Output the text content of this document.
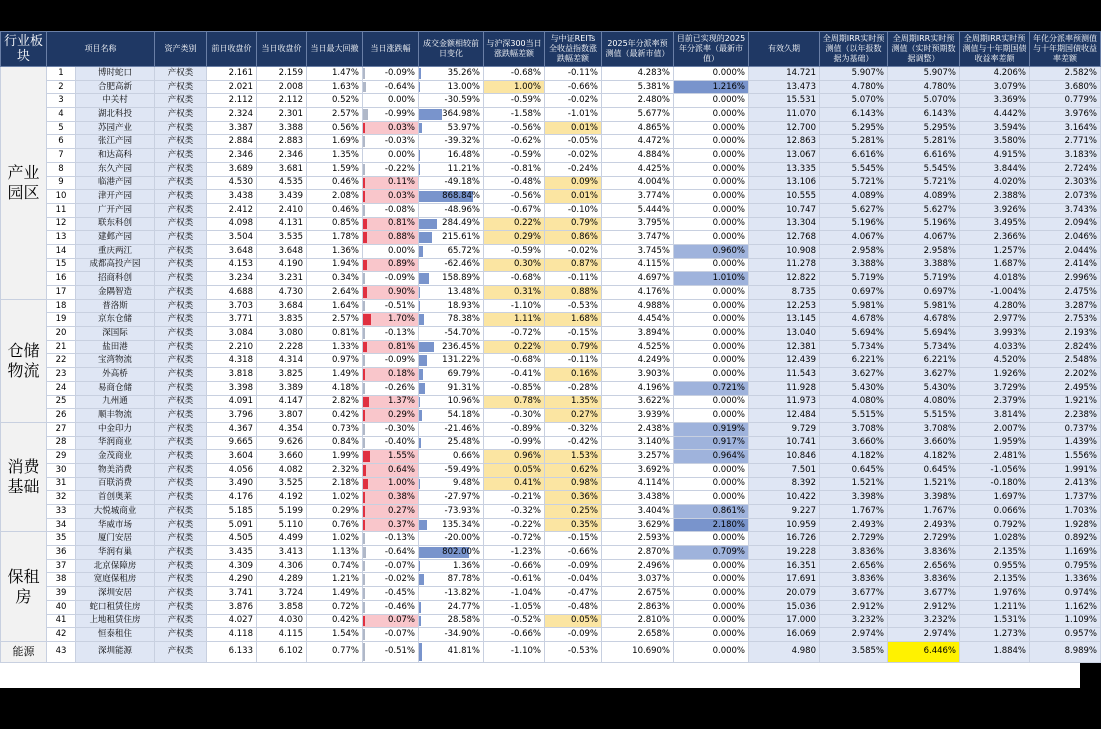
行业板块	项目名称		资产类别	前日收盘价	当日收盘价	当日最大回撤	当日涨跌幅	成交金额相较前日变化	与沪深300当日涨跌幅差额	与中证REITs全收益指数涨跌幅差额	2025年分派率预测值（最新市值）	目前已实现的2025年分派率（最新市值）	有效久期	全周期IRR实时预测值（以年报数据为基础）	全周期IRR实时预测值（实时预期数据调整）	全周期IRR实时预测值与十年期国债收益率差额	年化分派率预测值与十年期国债收益率差额
产业园区	1	博时蛇口	产权类	2.161	2.159	1.47%	-0.09%	35.26%	-0.68%	-0.11%	4.283%	0.000%	14.721	5.907%	5.907%	4.206%	2.582%
	2	合肥高新	产权类	2.021	2.008	1.63%	-0.64%	13.00%	1.00%	-0.66%	5.381%	1.216%	13.473	4.780%	4.780%	3.079%	3.680%
	3	中关村	产权类	2.112	2.112	0.52%	0.00%	-30.59%	-0.59%	-0.02%	2.480%	0.000%	15.531	5.070%	5.070%	3.369%	0.779%
	4	湖北科投	产权类	2.324	2.301	2.57%	-0.99%	364.98%	-1.58%	-1.01%	5.677%	0.000%	11.070	6.143%	6.143%	4.442%	3.976%
	5	苏园产业	产权类	3.387	3.388	0.56%	0.03%	53.97%	-0.56%	0.01%	4.865%	0.000%	12.700	5.295%	5.295%	3.594%	3.164%
	6	张江产园	产权类	2.884	2.883	1.69%	-0.03%	-39.32%	-0.62%	-0.05%	4.472%	0.000%	12.863	5.281%	5.281%	3.580%	2.771%
	7	和达高科	产权类	2.346	2.346	1.35%	0.00%	16.48%	-0.59%	-0.02%	4.884%	0.000%	13.067	6.616%	6.616%	4.915%	3.183%
	8	东久产园	产权类	3.689	3.681	1.59%	-0.22%	11.21%	-0.81%	-0.24%	4.425%	0.000%	13.335	5.545%	5.545%	3.844%	2.724%
	9	临港产园	产权类	4.530	4.535	0.46%	0.11%	-49.18%	-0.48%	0.09%	4.004%	0.000%	13.106	5.721%	5.721%	4.020%	2.303%
	10	津开产园	产权类	3.438	3.439	2.08%	0.03%	868.84%	-0.56%	0.01%	3.774%	0.000%	10.555	4.089%	4.089%	2.388%	2.073%
	11	广开产园	产权类	2.412	2.410	0.46%	-0.08%	-48.96%	-0.67%	-0.10%	5.444%	0.000%	10.747	5.627%	5.627%	3.926%	3.743%
	12	联东科创	产权类	4.098	4.131	0.85%	0.81%	284.49%	0.22%	0.79%	3.795%	0.000%	13.304	5.196%	5.196%	3.495%	2.094%
	13	建邺产园	产权类	3.504	3.535	1.78%	0.88%	215.61%	0.29%	0.86%	3.747%	0.000%	12.768	4.067%	4.067%	2.366%	2.046%
	14	重庆两江	产权类	3.648	3.648	1.36%	0.00%	65.72%	-0.59%	-0.02%	3.745%	0.960%	10.908	2.958%	2.958%	1.257%	2.044%
	15	成都高投产园	产权类	4.153	4.190	1.94%	0.89%	-62.46%	0.30%	0.87%	4.115%	0.000%	11.278	3.388%	3.388%	1.687%	2.414%
	16	招商科创	产权类	3.234	3.231	0.34%	-0.09%	158.89%	-0.68%	-0.11%	4.697%	1.010%	12.822	5.719%	5.719%	4.018%	2.996%
	17	金隅智造	产权类	4.688	4.730	2.64%	0.90%	13.48%	0.31%	0.88%	4.176%	0.000%	8.735	0.697%	0.697%	-1.004%	2.475%
仓储物流	18	普洛斯	产权类	3.703	3.684	1.64%	-0.51%	18.93%	-1.10%	-0.53%	4.988%	0.000%	12.253	5.981%	5.981%	4.280%	3.287%
	19	京东仓储	产权类	3.771	3.835	2.57%	1.70%	78.38%	1.11%	1.68%	4.454%	0.000%	13.145	4.678%	4.678%	2.977%	2.753%
	20	深国际	产权类	3.084	3.080	0.81%	-0.13%	-54.70%	-0.72%	-0.15%	3.894%	0.000%	13.040	5.694%	5.694%	3.993%	2.193%
	21	盐田港	产权类	2.210	2.228	1.33%	0.81%	236.45%	0.22%	0.79%	4.525%	0.000%	12.381	5.734%	5.734%	4.033%	2.824%
	22	宝湾物流	产权类	4.318	4.314	0.97%	-0.09%	131.22%	-0.68%	-0.11%	4.249%	0.000%	12.439	6.221%	6.221%	4.520%	2.548%
	23	外高桥	产权类	3.818	3.825	1.49%	0.18%	69.79%	-0.41%	0.16%	3.903%	0.000%	11.543	3.627%	3.627%	1.926%	2.202%
	24	易商仓储	产权类	3.398	3.389	4.18%	-0.26%	91.31%	-0.85%	-0.28%	4.196%	0.721%	11.928	5.430%	5.430%	3.729%	2.495%
	25	九州通	产权类	4.091	4.147	2.82%	1.37%	10.96%	0.78%	1.35%	3.622%	0.000%	11.973	4.080%	4.080%	2.379%	1.921%
	26	顺丰物流	产权类	3.796	3.807	0.42%	0.29%	54.18%	-0.30%	0.27%	3.939%	0.000%	12.484	5.515%	5.515%	3.814%	2.238%
消费基础	27	中金印力	产权类	4.367	4.354	0.73%	-0.30%	-21.46%	-0.89%	-0.32%	2.438%	0.919%	9.729	3.708%	3.708%	2.007%	0.737%
	28	华润商业	产权类	9.665	9.626	0.84%	-0.40%	25.48%	-0.99%	-0.42%	3.140%	0.917%	10.741	3.660%	3.660%	1.959%	1.439%
	29	金茂商业	产权类	3.604	3.660	1.99%	1.55%	0.66%	0.96%	1.53%	3.257%	0.964%	10.846	4.182%	4.182%	2.481%	1.556%
	30	物美消费	产权类	4.056	4.082	2.32%	0.64%	-59.49%	0.05%	0.62%	3.692%	0.000%	7.501	0.645%	0.645%	-1.056%	1.991%
	31	百联消费	产权类	3.490	3.525	2.18%	1.00%	9.48%	0.41%	0.98%	4.114%	0.000%	8.392	1.521%	1.521%	-0.180%	2.413%
	32	首创奥莱	产权类	4.176	4.192	1.02%	0.38%	-27.97%	-0.21%	0.36%	3.438%	0.000%	10.422	3.398%	3.398%	1.697%	1.737%
	33	大悦城商业	产权类	5.185	5.199	0.29%	0.27%	-73.93%	-0.32%	0.25%	3.404%	0.861%	9.227	1.767%	1.767%	0.066%	1.703%
	34	华威市场	产权类	5.091	5.110	0.76%	0.37%	135.34%	-0.22%	0.35%	3.629%	2.180%	10.959	2.493%	2.493%	0.792%	1.928%
保租房	35	厦门安居	产权类	4.505	4.499	1.02%	-0.13%	-20.00%	-0.72%	-0.15%	2.593%	0.000%	16.726	2.729%	2.729%	1.028%	0.892%
	36	华润有巢	产权类	3.435	3.413	1.13%	-0.64%	802.00%	-1.23%	-0.66%	2.870%	0.709%	19.228	3.836%	3.836%	2.135%	1.169%
	37	北京保障房	产权类	4.309	4.306	0.74%	-0.07%	1.36%	-0.66%	-0.09%	2.496%	0.000%	16.351	2.656%	2.656%	0.955%	0.795%
	38	宽庭保租房	产权类	4.290	4.289	1.21%	-0.02%	87.78%	-0.61%	-0.04%	3.037%	0.000%	17.691	3.836%	3.836%	2.135%	1.336%
	39	深圳安居	产权类	3.741	3.724	1.49%	-0.45%	-13.82%	-1.04%	-0.47%	2.675%	0.000%	20.079	3.677%	3.677%	1.976%	0.974%
	40	蛇口租赁住房	产权类	3.876	3.858	0.72%	-0.46%	24.77%	-1.05%	-0.48%	2.863%	0.000%	15.036	2.912%	2.912%	1.211%	1.162%
	41	上地租赁住房	产权类	4.027	4.030	0.42%	0.07%	28.58%	-0.52%	0.05%	2.810%	0.000%	17.000	3.232%	3.232%	1.531%	1.109%
	42	恒泰租住	产权类	4.118	4.115	1.54%	-0.07%	-34.90%	-0.66%	-0.09%	2.658%	0.000%	16.069	2.974%	2.974%	1.273%	0.957%
能源	43	深圳能源	产权类	6.133	6.102	0.77%	-0.51%	41.81%	-1.10%	-0.53%	10.690%	0.000%	4.980	3.585%	6.446%	1.884%	8.989%
